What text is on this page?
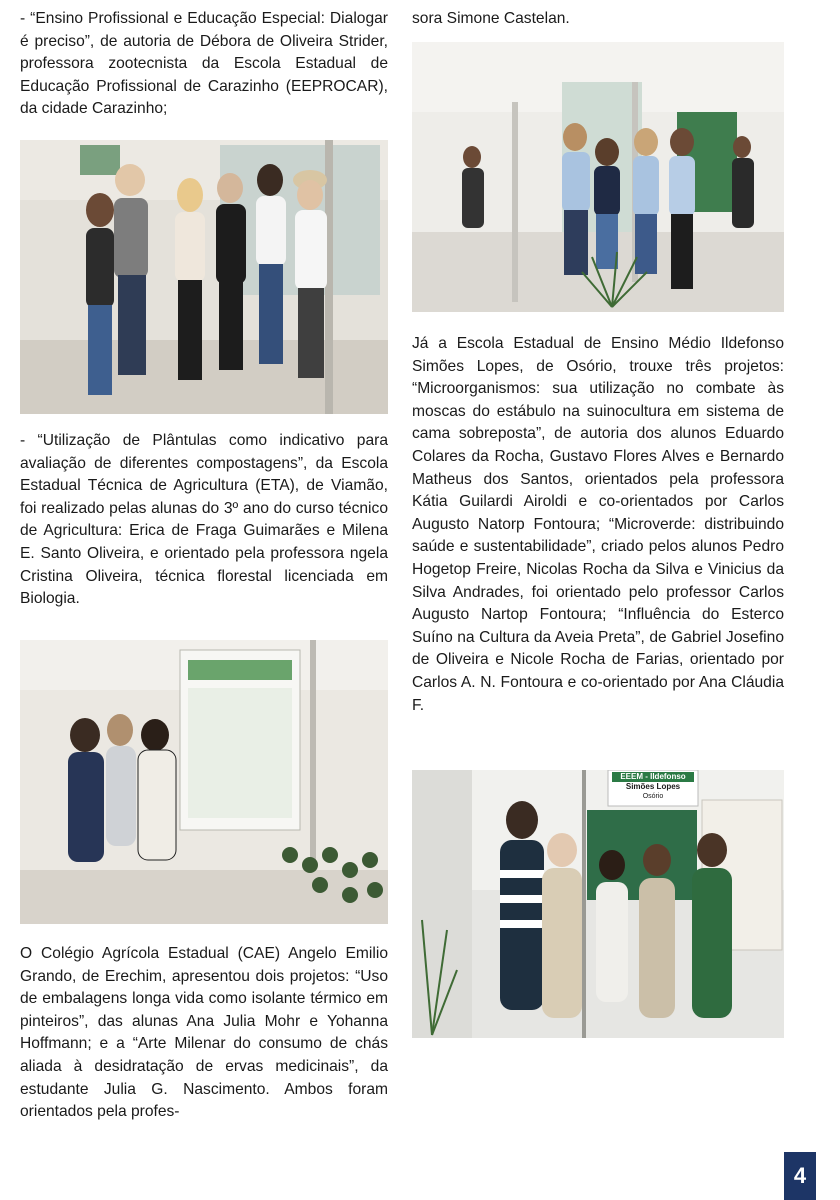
- “Ensino Profissional e Educação Especial: Dialogar é preciso”, de autoria de Débora de Oliveira Strider, professora zootecnista da Escola Estadual de Educação Profissional de Carazinho (EEPROCAR), da cidade Carazinho;

- “Utilização de Plântulas como indicativo para avaliação de diferentes compostagens”, da Escola Estadual Técnica de Agricultura (ETA), de Viamão, foi realizado pelas alunas do 3º ano do curso técnico de Agricultura: Erica de Fraga Guimarães e Milena E. Santo Oliveira, e orientado pela professora ngela Cristina Oliveira, técnica florestal licenciada em Biologia.

O Colégio Agrícola Estadual (CAE) Angelo Emilio Grando, de Erechim, apresentou dois projetos: “Uso de embalagens longa vida como isolante térmico em pinteiros”, das alunas Ana Julia Mohr e Yohanna Hoffmann; e a “Arte Milenar do consumo de chás aliada à desidratação de ervas medicinais”, da estudante Julia G. Nascimento. Ambos foram orientados pela profes-

sora Simone Castelan.

Já a Escola Estadual de Ensino Médio Ildefonso Simões Lopes, de Osório, trouxe três projetos: “Microorganismos: sua utilização no combate às moscas do estábulo na suinocultura em sistema de cama sobreposta”, de autoria dos alunos Eduardo Colares da Rocha, Gustavo Flores Alves e Bernardo Matheus dos Santos, orientados pela professora Kátia Guilardi Airoldi e co-orientados por Carlos Augusto Natorp Fontoura; “Microverde: distribuindo saúde e sustentabilidade”, criado pelos alunos Pedro Hogetop Freire, Nicolas Rocha da Silva e Vinicius da Silva Andrades, foi orientado pelo professor Carlos Augusto Nartop Fontoura; “Influência do Esterco Suíno na Cultura da Aveia Preta”, de Gabriel Josefino de Oliveira e Nicole Rocha de Farias, orientado por Carlos A. N. Fontoura e co-orientado por Ana Cláudia F.

EEEM - Ildefonso
Simões Lopes
Osório
4
